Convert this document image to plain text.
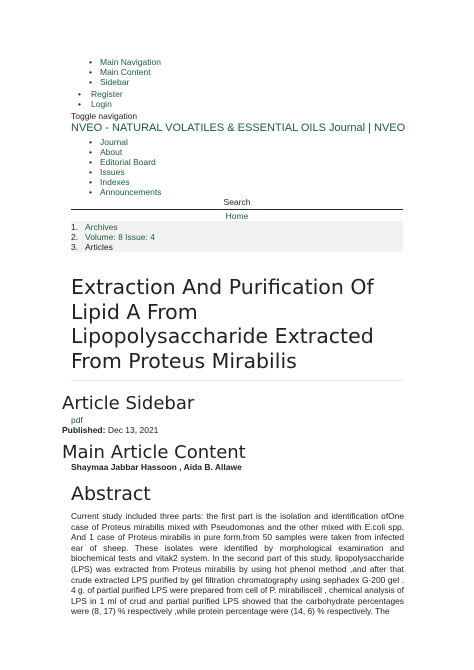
• Main Navigation
• Main Content
• Sidebar
• Register
• Login
Toggle navigation
NVEO - NATURAL VOLATILES & ESSENTIAL OILS Journal | NVEO
• Journal
• About
• Editorial Board
• Issues
• Indexes
• Announcements
Search
Home
1. Archives
2. Volume: 8 Issue: 4
3. Articles
Extraction And Purification Of
Lipid A From
Lipopolysaccharide Extracted
From Proteus Mirabilis
Article Sidebar
pdf
Published: Dec 13, 2021
Main Article Content
Shaymaa Jabbar Hassoon , Aida B. Allawe
Abstract

Current study included three parts: the first part is the isolation and identification ofOne case of Proteus mirabilis mixed with Pseudomonas and the other mixed with E.coli spp. And 1 case of Proteus mirabilis in pure form.from 50 samples were taken from infected ear of sheep. These isolates were identified by morphological examination and biochemical tests and vitak2 system. In the second part of this study, lipopolysaccharide (LPS) was extracted from Proteus mirabilis by using hot phenol method ,and after that crude extracted LPS purified by gel filtration chromatography using sephadex G-200 gel . 4 g. of partial purified LPS were prepared from cell of P. mirabiliscell , chemical analysis of LPS in 1 ml of crud and partial purified LPS showed that the carbohydrate percentages were (8, 17) % respectively ,while protein percentage were (14, 6) % respectively. The
